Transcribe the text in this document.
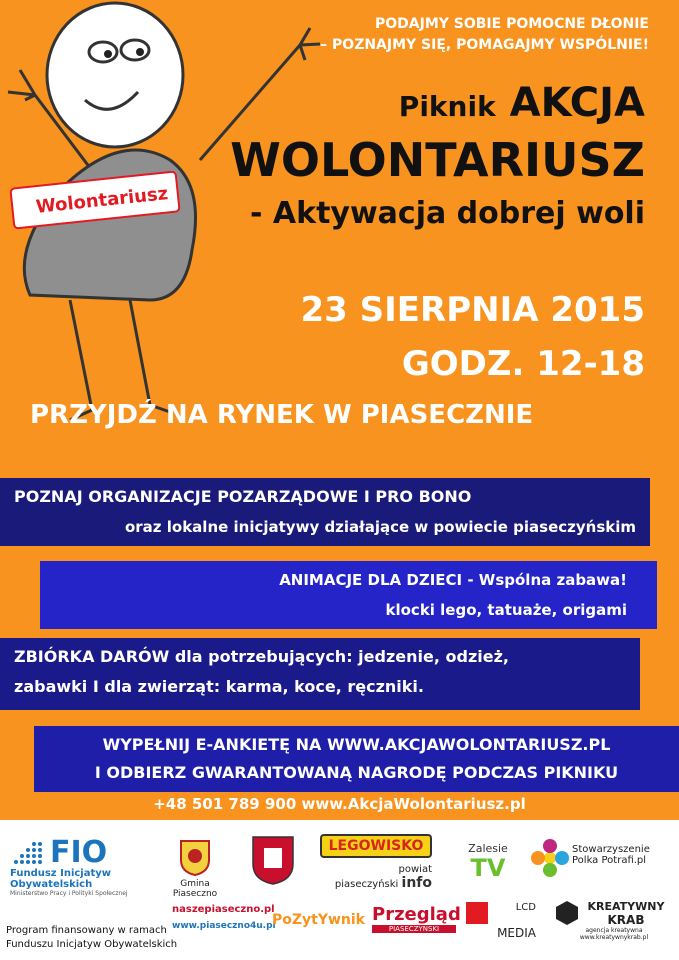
Wolontariusz
PODAJMY SOBIE POMOCNE DŁONIE
– POZNAJMY SIĘ, POMAGAJMY WSPÓLNIE!
Piknik AKCJA
WOLONTARIUSZ
- Aktywacja dobrej woli
23 SIERPNIA 2015
GODZ. 12-18
PRZYJDŹ NA RYNEK W PIASECZNIE
POZNAJ ORGANIZACJE POZARZĄDOWE I PRO BONO
oraz lokalne inicjatywy działające w powiecie piaseczyńskim
ANIMACJE DLA DZIECI - Wspólna zabawa!
klocki lego, tatuaże, origami
ZBIÓRKA DARÓW dla potrzebujących: jedzenie, odzież,
zabawki I dla zwierząt: karma, koce, ręczniki.
WYPEŁNIJ E-ANKIETĘ NA WWW.AKCJAWOLONTARIUSZ.PL
I ODBIERZ GWARANTOWANĄ NAGRODĘ PODCZAS PIKNIKU
+48 501 789 900 www.AkcjaWolontariusz.pl
FIO
Fundusz Inicjatyw
Obywatelskich
Ministerstwo Pracy i Polityki Społecznej
Gmina Piaseczno
LEGOWISKO
powiat
piaseczyński info
Zalesie
TV
Stowarzyszenie
Polka Potrafi.pl
naszepiaseczno.pl
www.piaseczno4u.pl
PoZytYwnik Przegląd
PIASECZYŃSKI
LCD
MEDIA
KREATYWNY
KRAB
agencja kreatywna
www.kreatywnykrab.pl
Program finansowany w ramach
Funduszu Inicjatyw Obywatelskich
